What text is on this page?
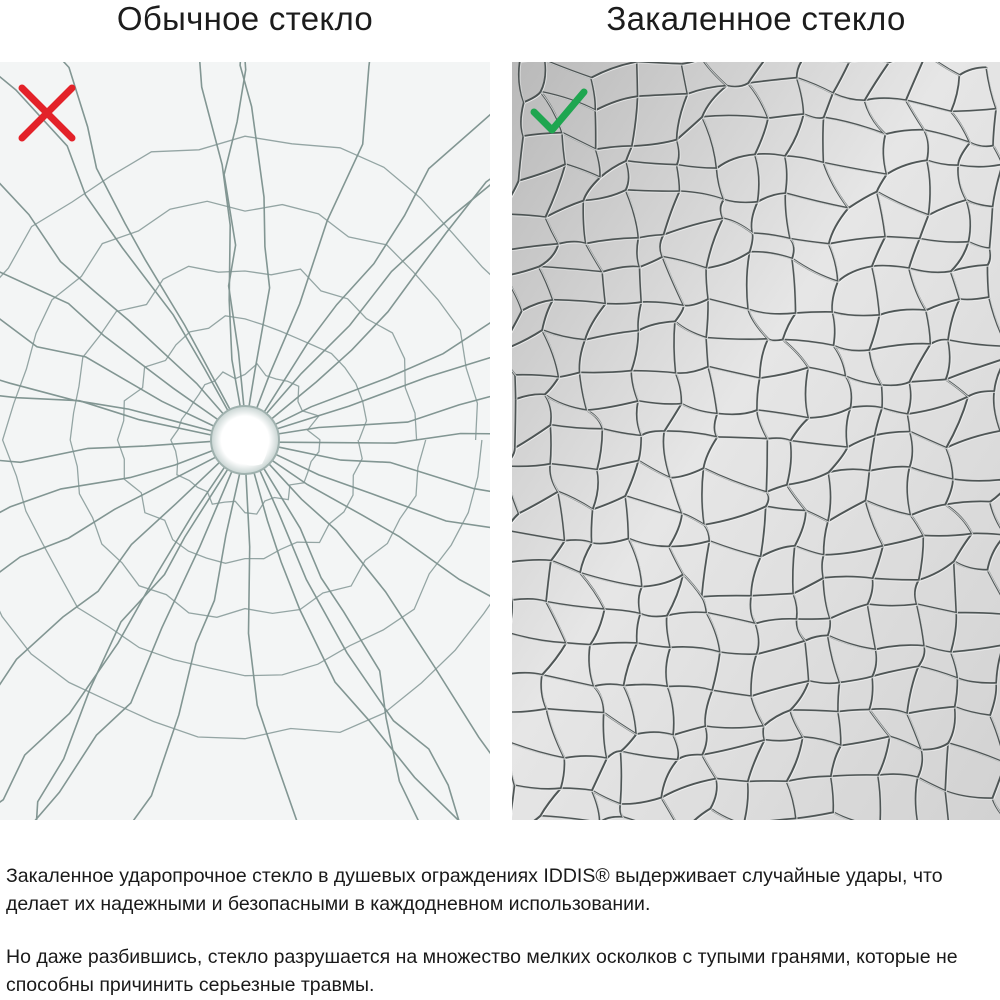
Обычное стекло	Закаленное стекло

Закаленное ударопрочное стекло в душевых ограждениях IDDIS® выдерживает случайные удары, что делает их надежными и безопасными в каждодневном использовании.

Но даже разбившись, стекло разрушается на множество мелких осколков с тупыми гранями, которые не способны причинить серьезные травмы.
